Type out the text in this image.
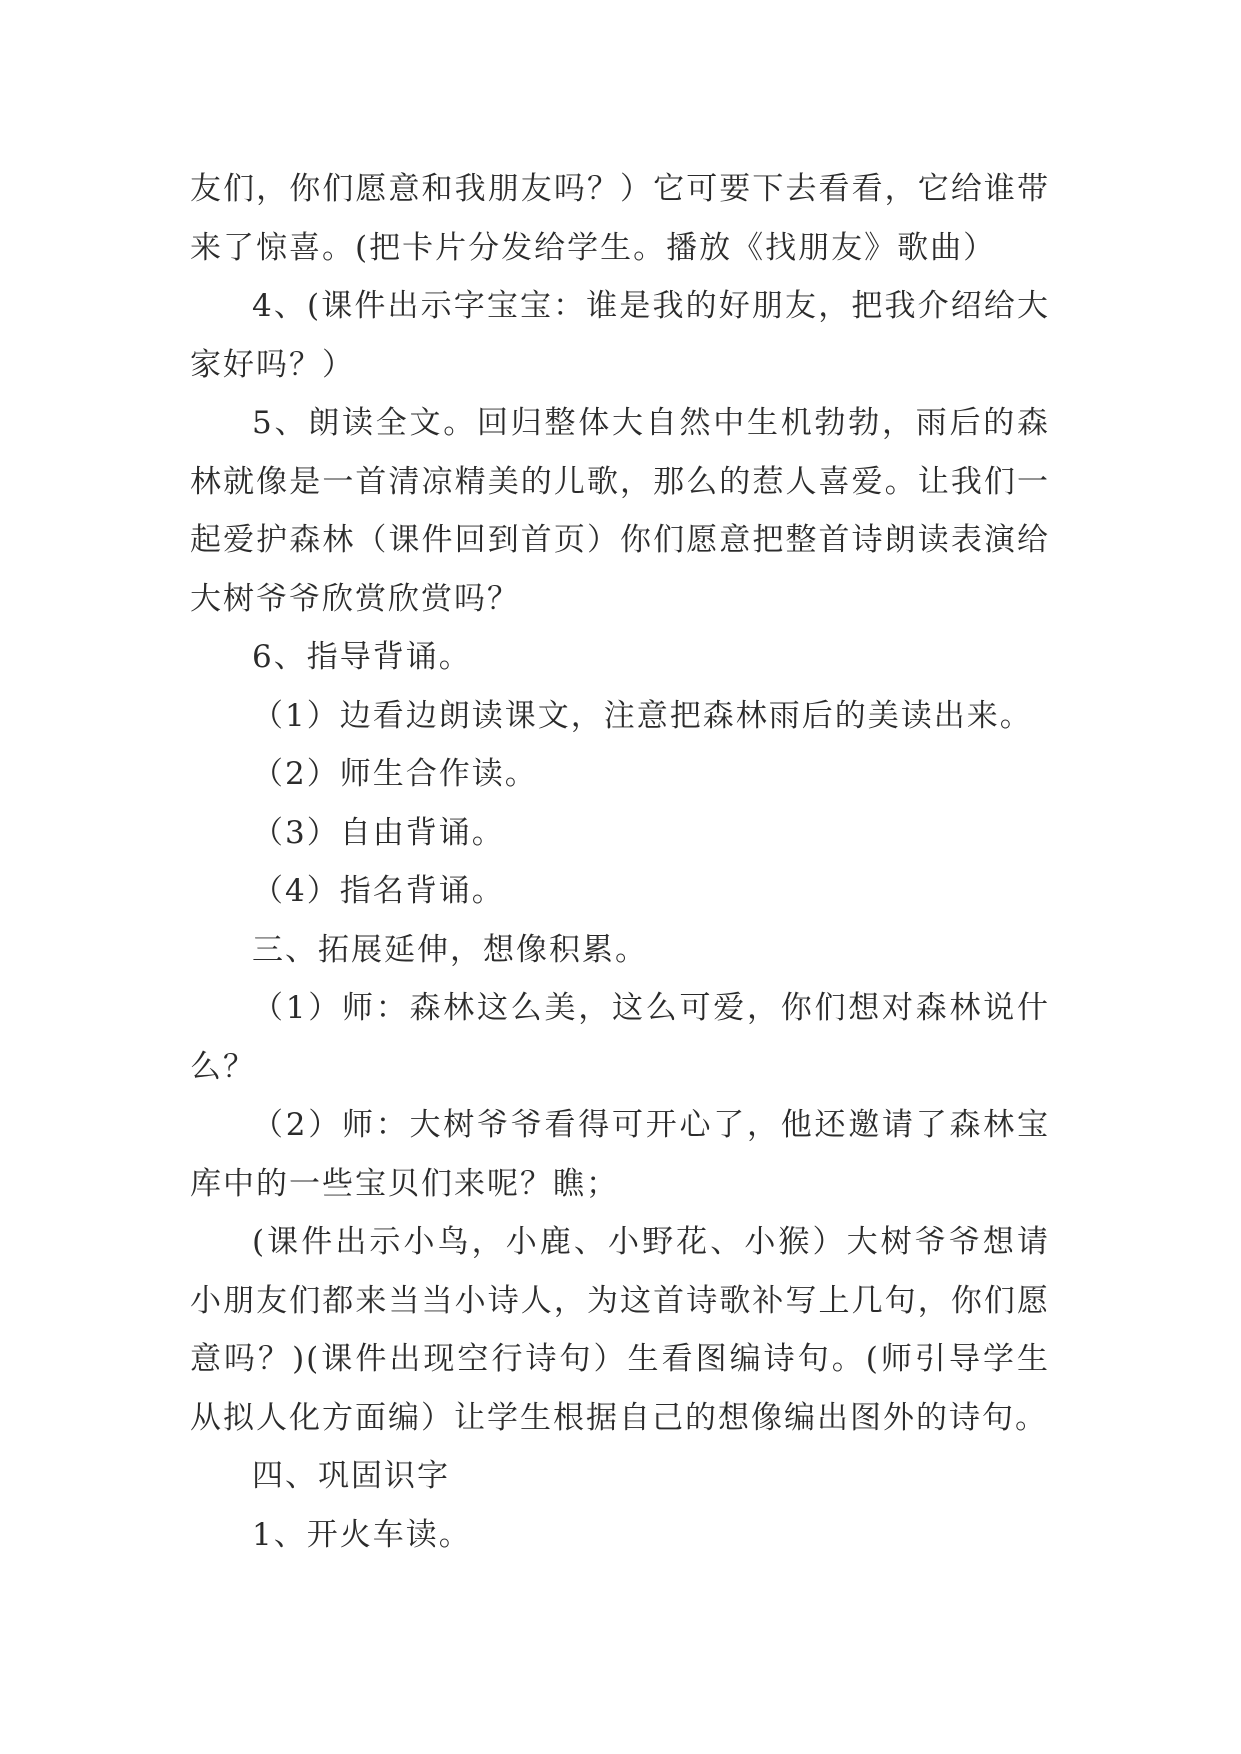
友们，你们愿意和我朋友吗？）它可要下去看看，它给谁带来了惊喜。(把卡片分发给学生。播放《找朋友》歌曲）

4、(课件出示字宝宝：谁是我的好朋友，把我介绍给大家好吗？）

5、朗读全文。回归整体大自然中生机勃勃，雨后的森林就像是一首清凉精美的儿歌，那么的惹人喜爱。让我们一起爱护森林（课件回到首页）你们愿意把整首诗朗读表演给大树爷爷欣赏欣赏吗？

6、指导背诵。

（1）边看边朗读课文，注意把森林雨后的美读出来。

（2）师生合作读。

（3）自由背诵。

（4）指名背诵。

三、拓展延伸，想像积累。

（1）师：森林这么美，这么可爱，你们想对森林说什么？

（2）师：大树爷爷看得可开心了，他还邀请了森林宝库中的一些宝贝们来呢？瞧；

(课件出示小鸟，小鹿、小野花、小猴）大树爷爷想请小朋友们都来当当小诗人，为这首诗歌补写上几句，你们愿意吗？)(课件出现空行诗句）生看图编诗句。(师引导学生从拟人化方面编）让学生根据自己的想像编出图外的诗句。

四、巩固识字

1、开火车读。
